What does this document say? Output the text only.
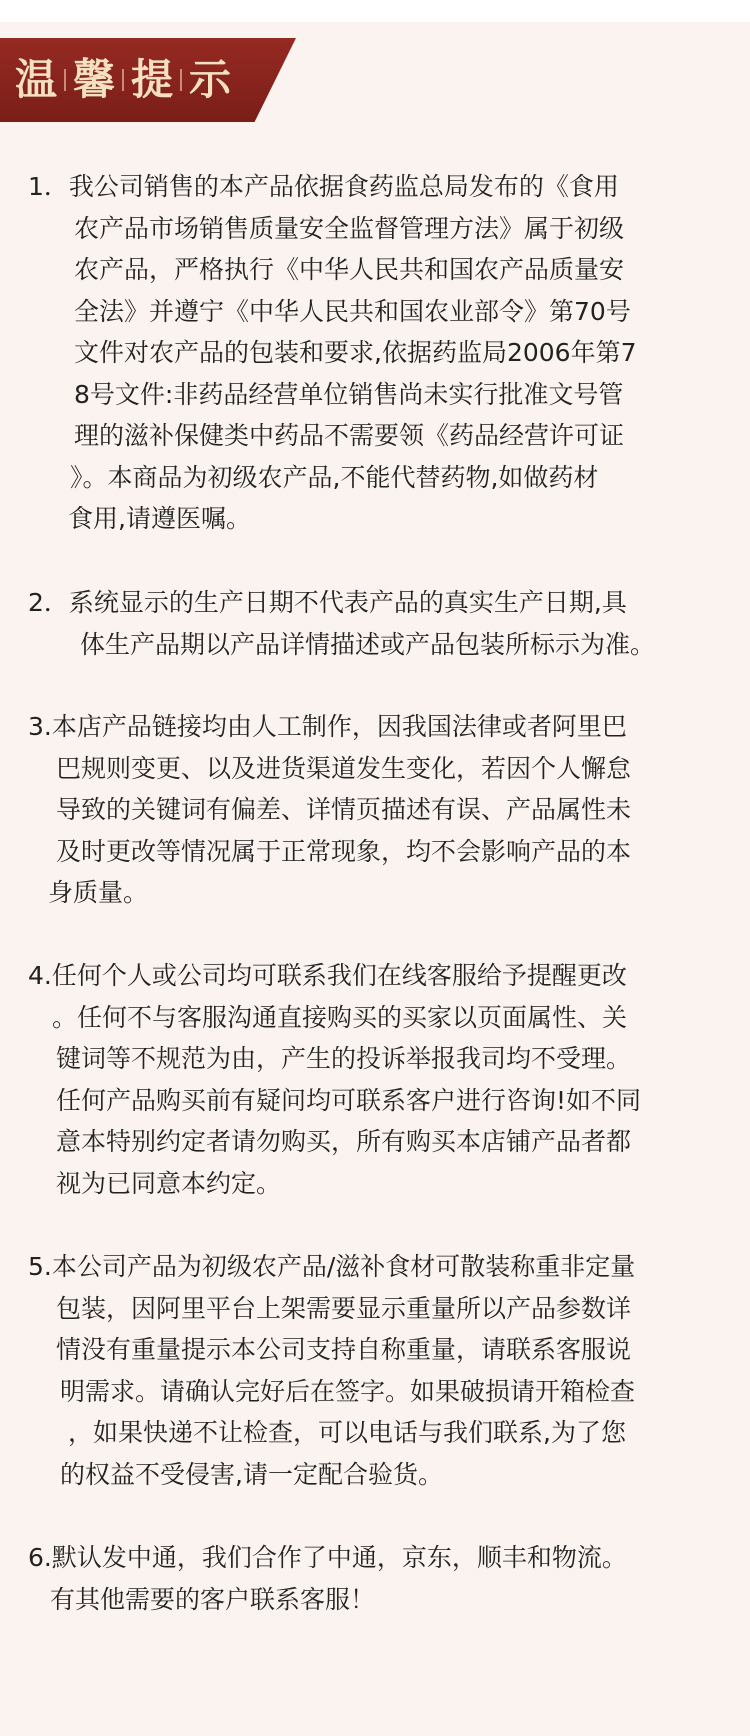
温 馨 提 示
1．我公司销售的本产品依据食药监总局发布的《食用
农产品市场销售质量安全监督管理方法》属于初级
农产品，严格执行《中华人民共和国农产品质量安
全法》并遵宁《中华人民共和国农业部令》第70号
文件对农产品的包装和要求,依据药监局2006年第7
8号文件:非药品经营单位销售尚未实行批准文号管
理的滋补保健类中药品不需要领《药品经营许可证
》。本商品为初级农产品,不能代替药物,如做药材
食用,请遵医嘱。
2．系统显示的生产日期不代表产品的真实生产日期,具
体生产品期以产品详情描述或产品包装所标示为准。
3.本店产品链接均由人工制作，因我国法律或者阿里巴
巴规则变更、以及进货渠道发生变化，若因个人懈怠
导致的关键词有偏差、详情页描述有误、产品属性未
及时更改等情况属于正常现象，均不会影响产品的本
身质量。
4.任何个人或公司均可联系我们在线客服给予提醒更改
。任何不与客服沟通直接购买的买家以页面属性、关
键词等不规范为由，产生的投诉举报我司均不受理。
任何产品购买前有疑问均可联系客户进行咨询!如不同
意本特别约定者请勿购买，所有购买本店铺产品者都
视为已同意本约定。
5.本公司产品为初级农产品/滋补食材可散装称重非定量
包装，因阿里平台上架需要显示重量所以产品参数详
情没有重量提示本公司支持自称重量，请联系客服说
明需求。请确认完好后在签字。如果破损请开箱检查
，如果快递不让检查，可以电话与我们联系,为了您
的权益不受侵害,请一定配合验货。
6.默认发中通，我们合作了中通，京东，顺丰和物流。
有其他需要的客户联系客服！
